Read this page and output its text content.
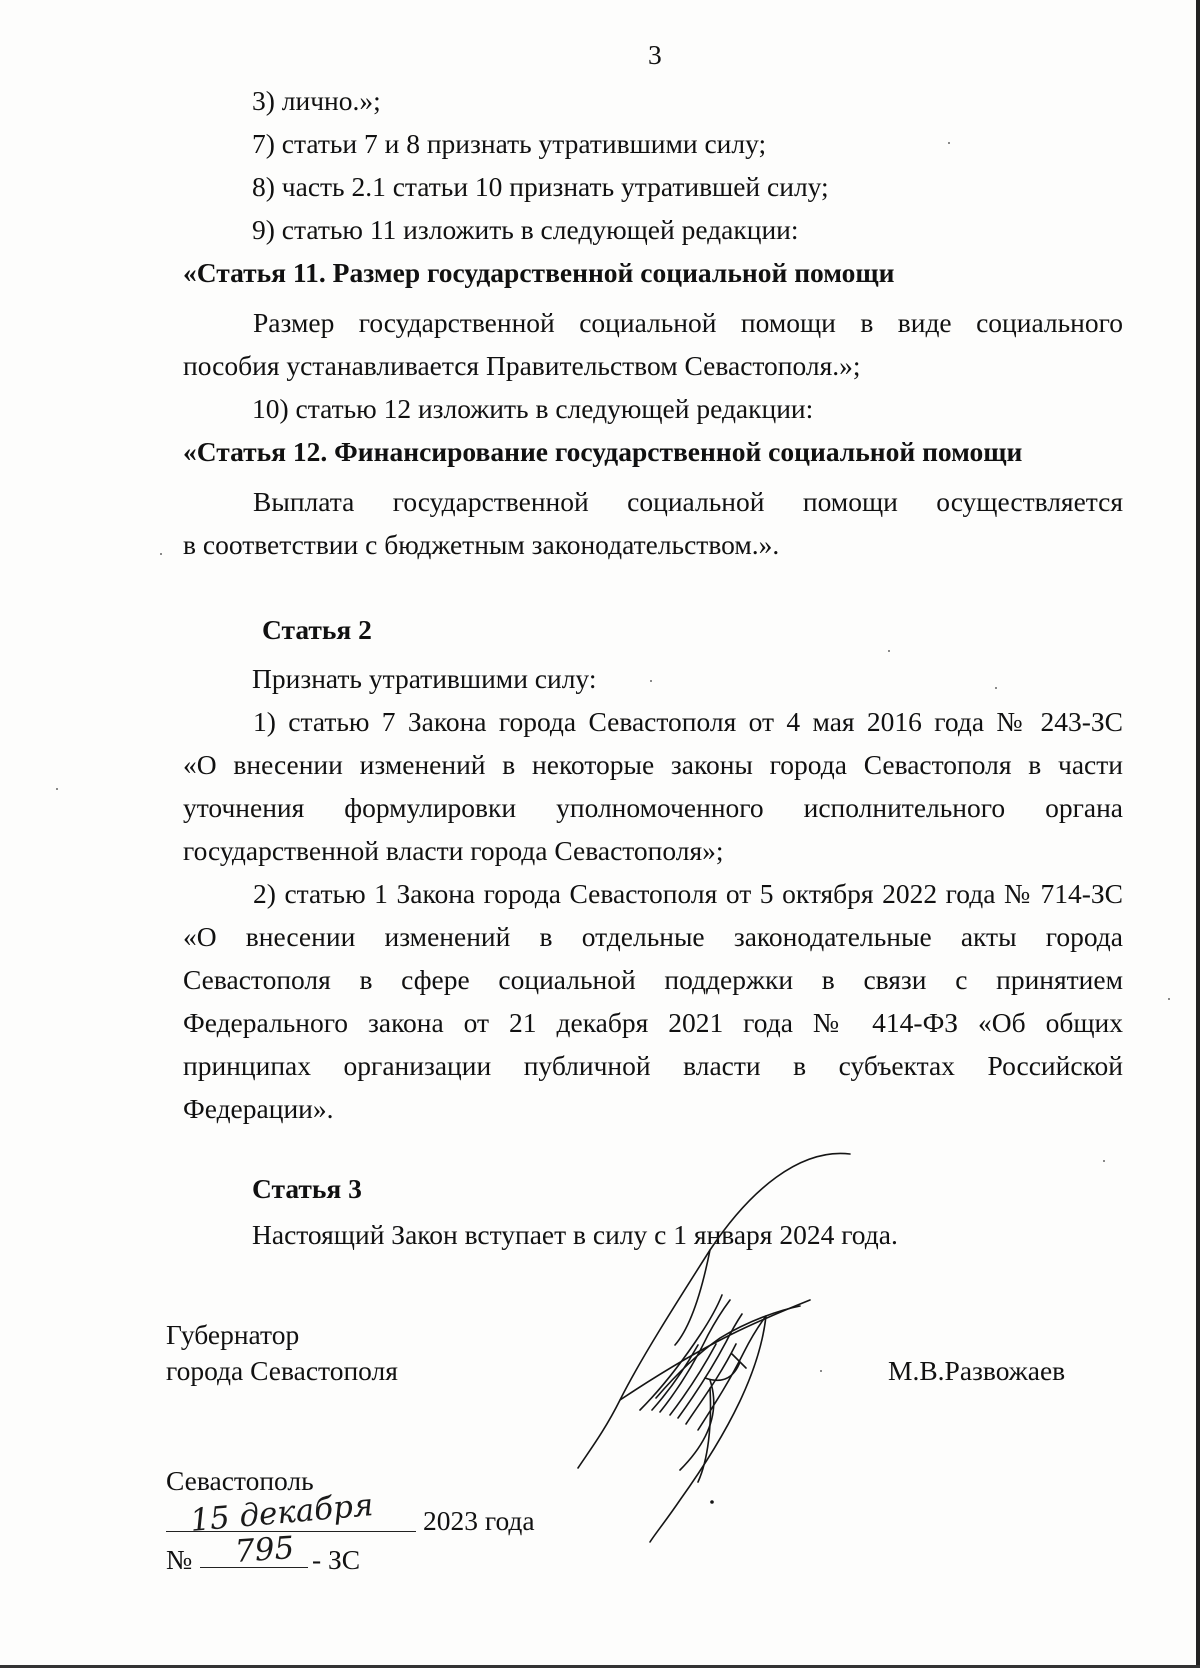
3
3) лично.»;
7) статьи 7 и 8 признать утратившими силу;
8) часть 2.1 статьи 10 признать утратившей силу;
9) статью 11 изложить в следующей редакции:
«Статья 11. Размер государственной социальной помощи
Размер государственной социальной помощи в виде социального
пособия устанавливается Правительством Севастополя.»;
10) статью 12 изложить в следующей редакции:
«Статья 12. Финансирование государственной социальной помощи
Выплата государственной социальной помощи осуществляется
в соответствии с бюджетным законодательством.».
Статья 2
Признать утратившими силу:
1) статью 7 Закона города Севастополя от 4 мая 2016 года № 243-ЗС
«О внесении изменений в некоторые законы города Севастополя в части
уточнения формулировки уполномоченного исполнительного органа
государственной власти города Севастополя»;
2) статью 1 Закона города Севастополя от 5 октября 2022 года № 714-ЗС
«О внесении изменений в отдельные законодательные акты города
Севастополя в сфере социальной поддержки в связи с принятием
Федерального закона от 21 декабря 2021 года № 414-ФЗ «Об общих
принципах организации публичной власти в субъектах Российской
Федерации».
Статья 3
Настоящий Закон вступает в силу с 1 января 2024 года.
Губернатор
города Севастополя	М.В.Развожаев
Севастополь
15 декабря 2023 года
№ 795 - ЗС
